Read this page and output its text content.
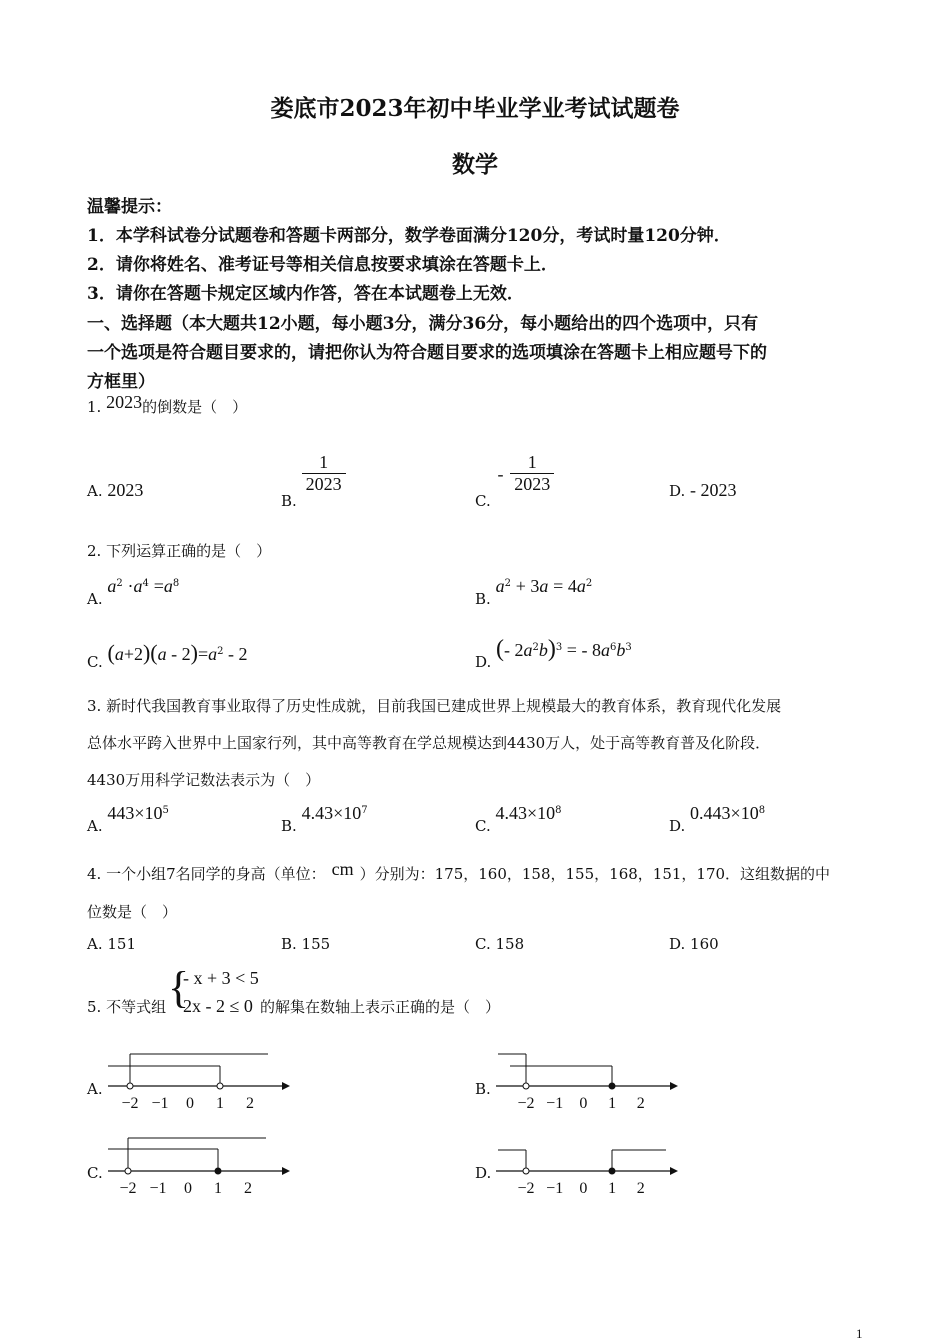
娄底市2023年初中毕业学业考试试题卷
数学
温馨提示：
1．本学科试卷分试题卷和答题卡两部分，数学卷面满分120分，考试时量120分钟．
2．请你将姓名、准考证号等相关信息按要求填涂在答题卡上．
3．请你在答题卡规定区域内作答，答在本试题卷上无效．
一、选择题（本大题共12小题，每小题3分，满分36分，每小题给出的四个选项中，只有
一个选项是符合题目要求的，请把你认为符合题目要求的选项填涂在答题卡上相应题号下的
方框里）
1. 2023的倒数是（　）
A. 2023
B.
$\frac{1}{2023}$
C. - $\frac{1}{2023}$	D. - 2023
2. 下列运算正确的是（　）
A. $a^2 \cdot a^4 =a^8$
B. $a^2 + 3a = 4a^2$
C. $(a+2)(a - 2)=a^2 - 2$	D. (- $2a^2b)^3$ = - $8a^6b^3$
3. 新时代我国教育事业取得了历史性成就，目前我国已建成世界上规模最大的教育体系，教育现代化发展
总体水平跨入世界中上国家行列，其中高等教育在学总规模达到4430万人，处于高等教育普及化阶段．
4430万用科学记数法表示为（　）
A. $443\times 10^5$
B. $4.43\times 10^7$
C. $4.43\times 10^8$
D. $0.443\times 10^8$
4. 一个小组7名同学的身高（单位： cm ）分别为：175，160，158，155，168，151，170．这组数据的中
位数是（　）
A. 151	B. 155	C. 158	D. 160
5. 不等式组 {
- x + 3 < 5
2x - 2 ≤ 0 的解集在数轴上表示正确的是（　）
A.
−2 −1 0 1 2
B.
−2 −1 0 1 2
C.
−2 −1 0 1 2
D.
−2 −1 0 1 2
1
